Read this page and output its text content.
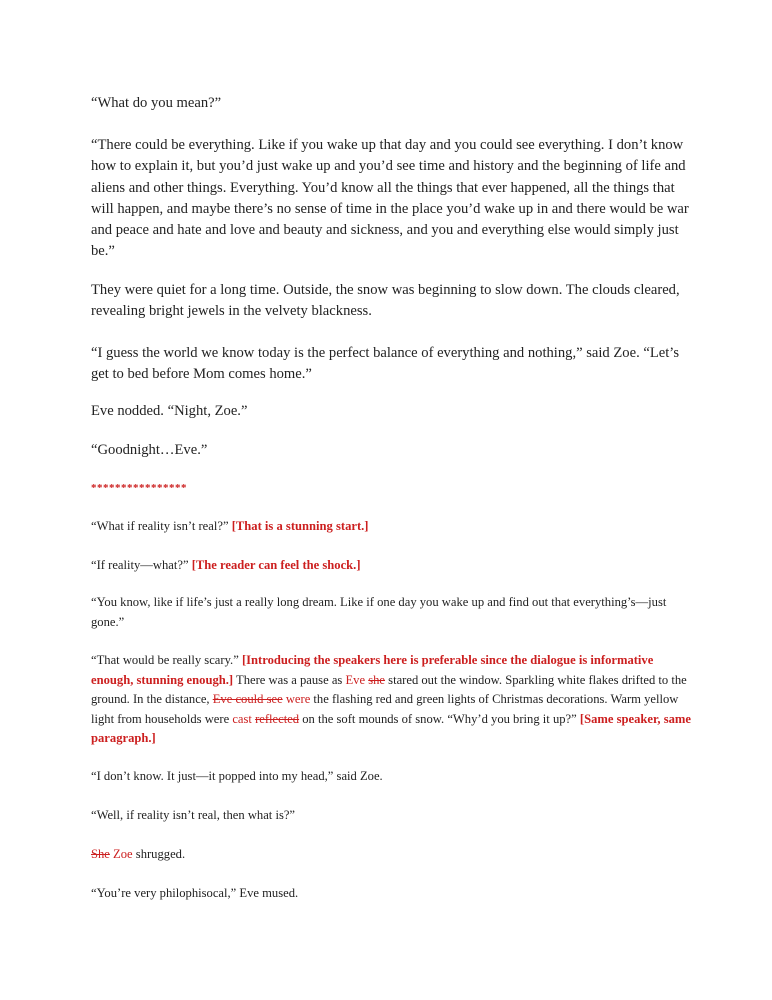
“What do you mean?”

“There could be everything. Like if you wake up that day and you could see everything. I don’t know how to explain it, but you’d just wake up and you’d see time and history and the beginning of life and aliens and other things. Everything. You’d know all the things that ever happened, all the things that will happen, and maybe there’s no sense of time in the place you’d wake up in and there would be war and peace and hate and love and beauty and sickness, and you and everything else would simply just be.”

They were quiet for a long time. Outside, the snow was beginning to slow down. The clouds cleared, revealing bright jewels in the velvety blackness.

“I guess the world we know today is the perfect balance of everything and nothing,” said Zoe. “Let’s get to bed before Mom comes home.”

Eve nodded. “Night, Zoe.”

“Goodnight…Eve.”

****************

“What if reality isn’t real?” [That is a stunning start.]

“If reality—what?” [The reader can feel the shock.]

“You know, like if life’s just a really long dream. Like if one day you wake up and find out that everything’s—just gone.”

“That would be really scary.” [Introducing the speakers here is preferable since the dialogue is informative enough, stunning enough.] There was a pause as Eve she stared out the window. Sparkling white flakes drifted to the ground. In the distance, Eve could see were the flashing red and green lights of Christmas decorations. Warm yellow light from households were cast reflected on the soft mounds of snow. “Why’d you bring it up?” [Same speaker, same paragraph.]

“I don’t know. It just—it popped into my head,” said Zoe.

“Well, if reality isn’t real, then what is?”

She Zoe shrugged.

“You’re very philophisocal,” Eve mused.
